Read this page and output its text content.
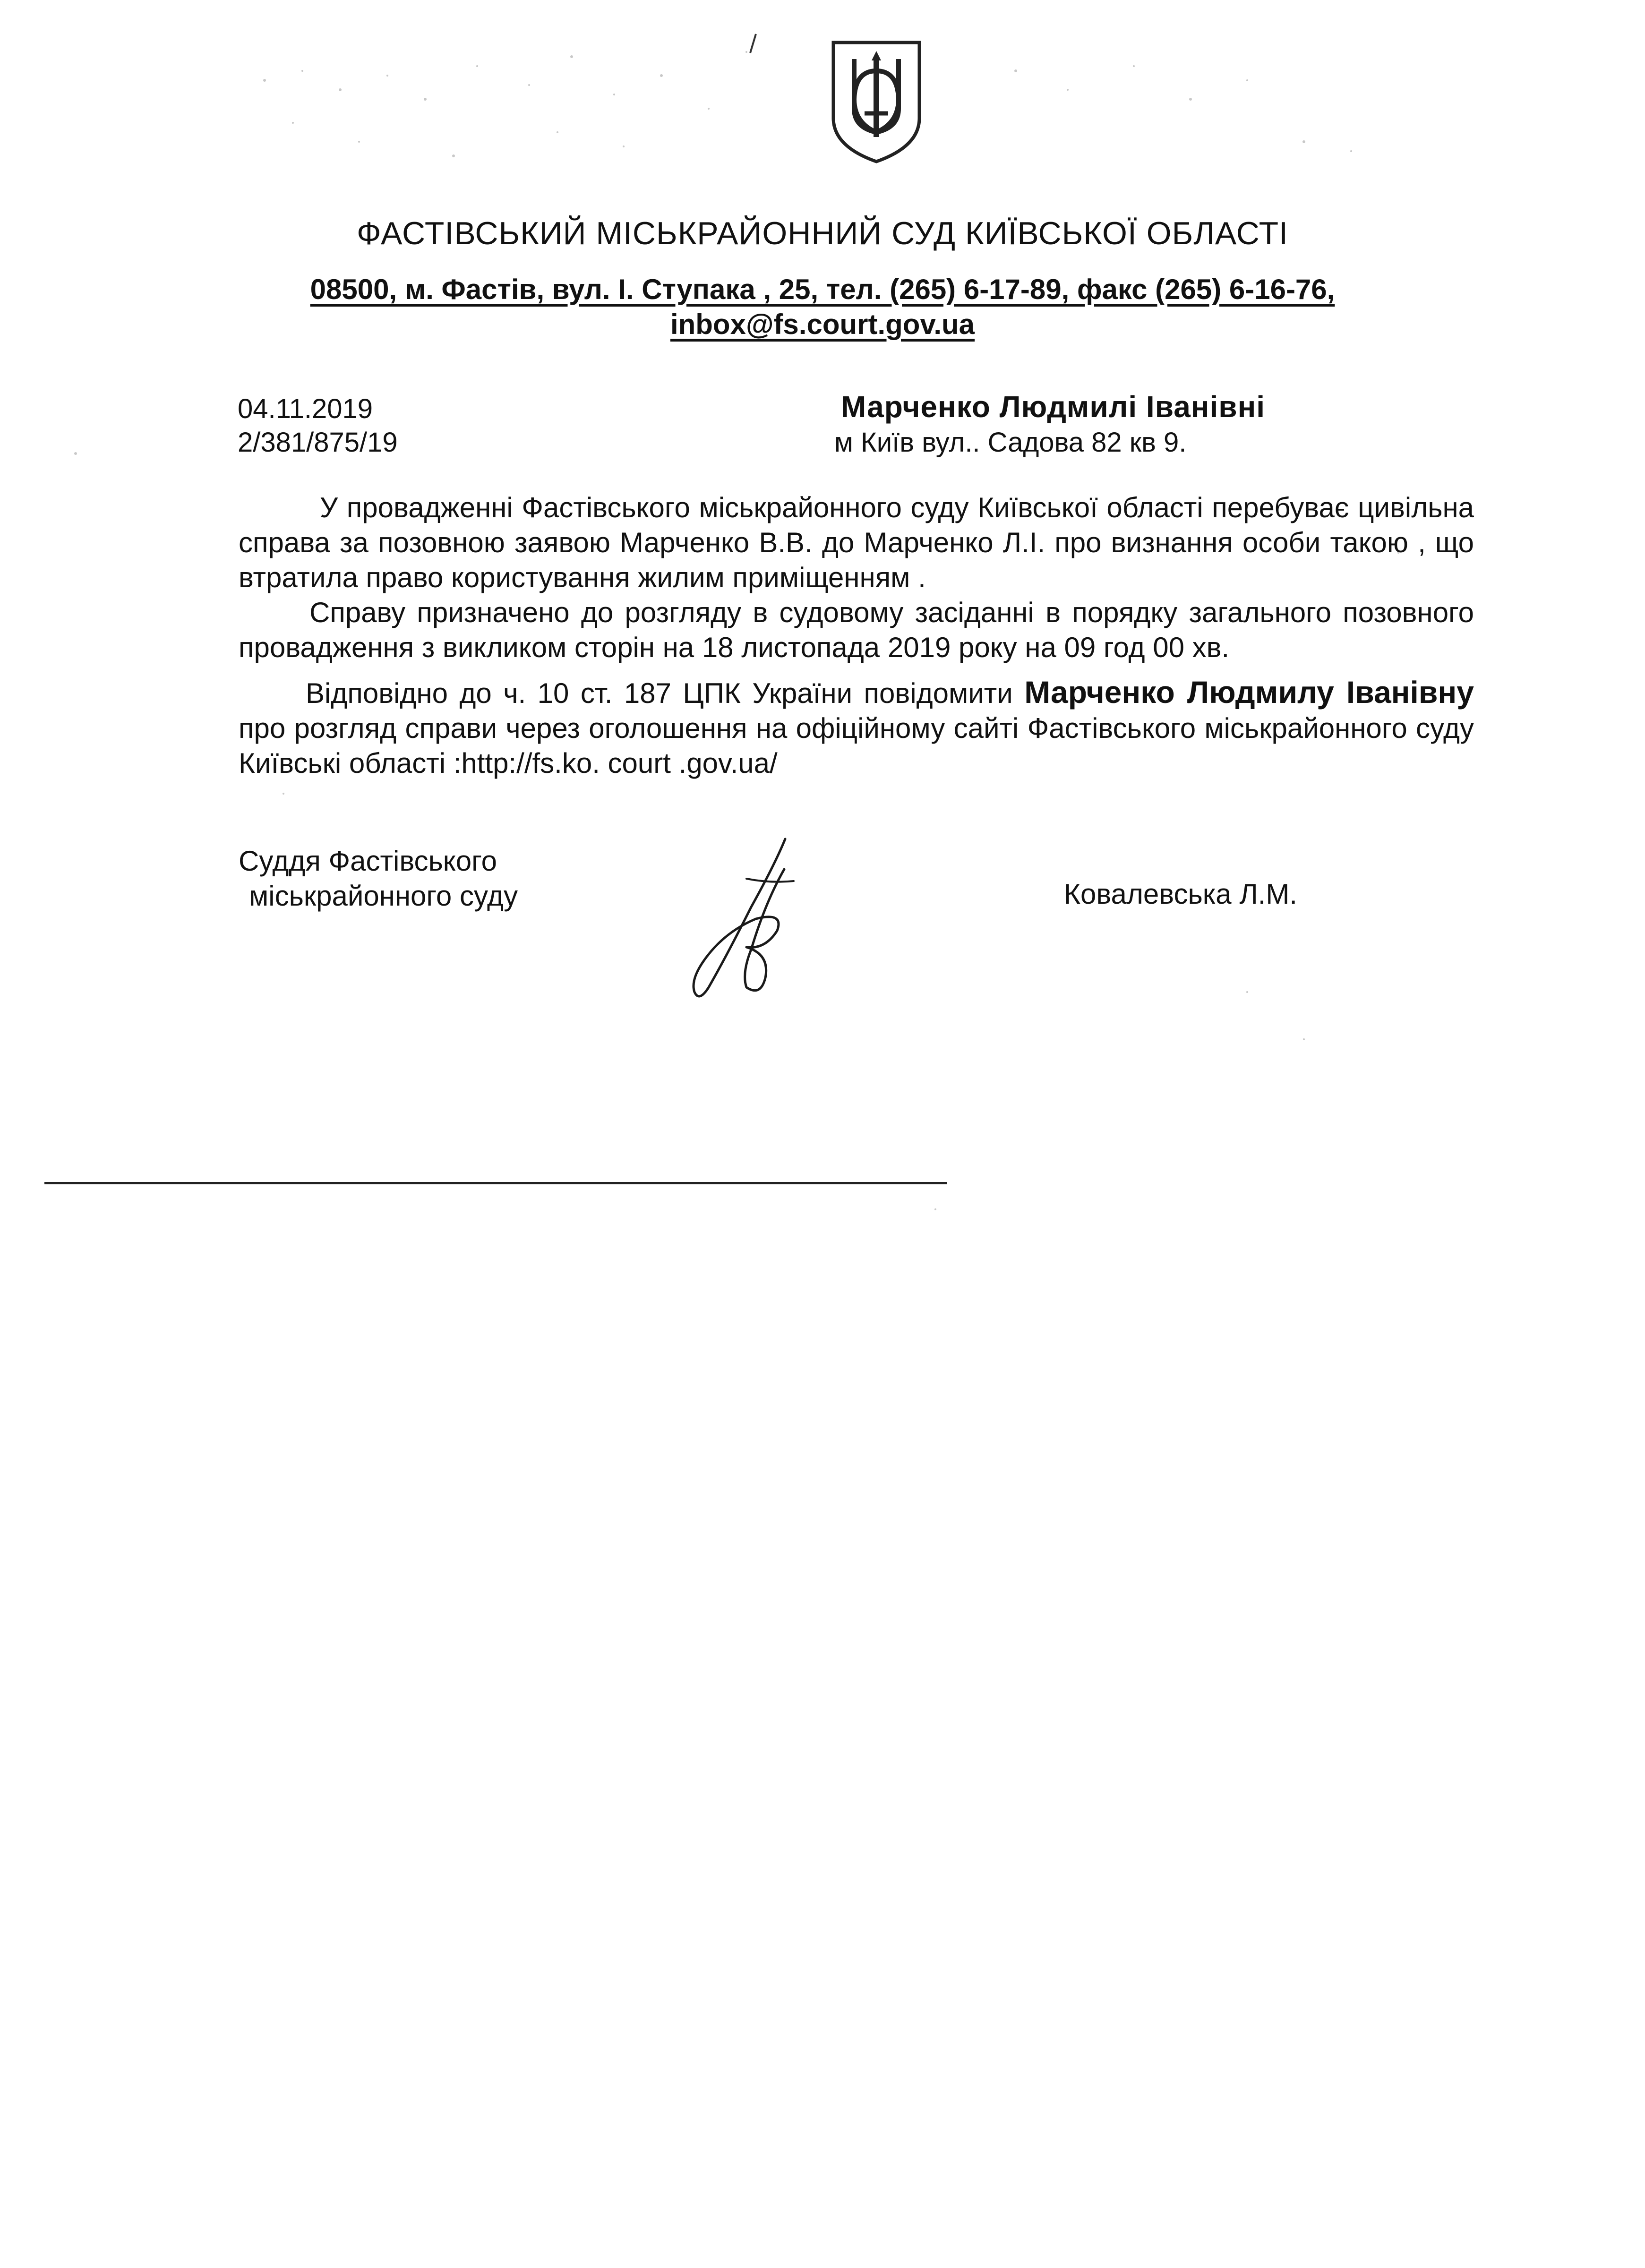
ФАСТІВСЬКИЙ МІСЬКРАЙОННИЙ СУД КИЇВСЬКОЇ ОБЛАСТІ
08500, м. Фастів, вул. І. Ступака , 25, тел. (265) 6-17-89, факс (265) 6-16-76,
inbox@fs.court.gov.ua
04.11.2019
2/381/875/19
Марченко Людмилі Іванівні
м Київ вул.. Садова 82 кв 9.

У провадженні Фастівського міськрайонного суду Київської області перебуває цивільна справа за позовною заявою Марченко В.В. до Марченко Л.І. про визнання особи такою , що втратила право користування жилим приміщенням .

Справу призначено до розгляду в судовому засіданні в порядку загального позовного провадження з викликом сторін на 18 листопада 2019 року на 09 год 00 хв.

Відповідно до ч. 10 ст. 187 ЦПК України повідомити Марченко Людмилу Іванівну про розгляд справи через оголошення на офіційному сайті Фастівського міськрайонного суду Київські області :http://fs.ko. court .gov.ua/

Суддя Фастівського
міськрайонного суду	Ковалевська Л.М.
